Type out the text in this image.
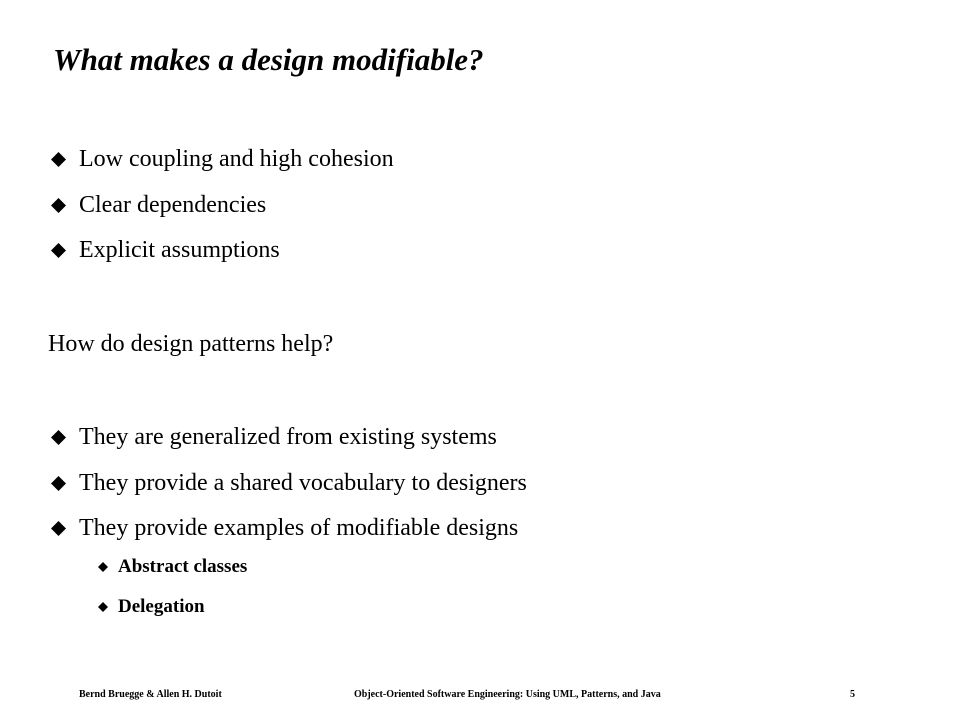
What makes a design modifiable?
Low coupling and high cohesion
Clear dependencies
Explicit assumptions

How do design patterns help?

They are generalized from existing systems
They provide a shared vocabulary to designers
They provide examples of modifiable designs
Abstract classes
Delegation
Bernd Bruegge & Allen H. Dutoit	Object-Oriented Software Engineering: Using UML, Patterns, and Java	5
